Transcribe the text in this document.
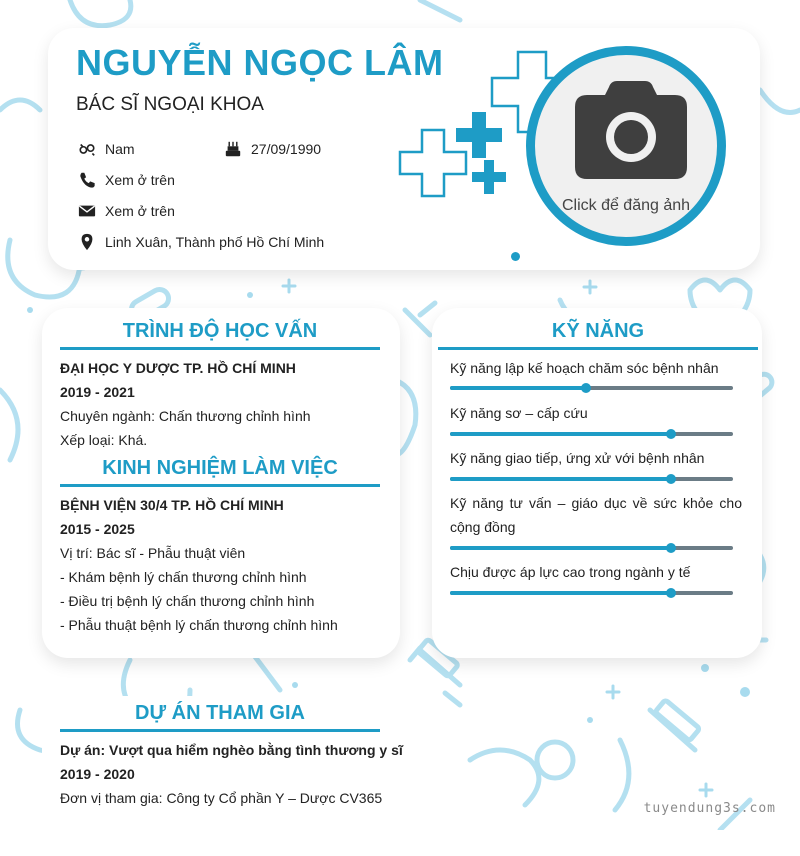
NGUYỄN NGỌC LÂM
BÁC SĨ NGOẠI KHOA
Nam	27/09/1990
Xem ở trên
Xem ở trên
Linh Xuân, Thành phố Hồ Chí Minh
Click để đăng ảnh
TRÌNH ĐỘ HỌC VẤN
ĐẠI HỌC Y DƯỢC TP. HỒ CHÍ MINH
2019 - 2021
Chuyên ngành: Chấn thương chỉnh hình
Xếp loại: Khá.
KINH NGHIỆM LÀM VIỆC
BỆNH VIỆN 30/4 TP. HỒ CHÍ MINH
2015 - 2025
Vị trí: Bác sĩ - Phẫu thuật viên
- Khám bệnh lý chấn thương chỉnh hình
- Điều trị bệnh lý chấn thương chỉnh hình
- Phẫu thuật bệnh lý chấn thương chỉnh hình
KỸ NĂNG
Kỹ năng lập kế hoạch chăm sóc bệnh nhân
Kỹ năng sơ – cấp cứu
Kỹ năng giao tiếp, ứng xử với bệnh nhân
Kỹ năng tư vấn – giáo dục về sức khỏe cho cộng đồng
Chịu được áp lực cao trong ngành y tế
DỰ ÁN THAM GIA
Dự án: Vượt qua hiểm nghèo bằng tình thương y sĩ
2019 - 2020
Đơn vị tham gia: Công ty Cổ phần Y – Dược CV365
tuyendung3s.com
